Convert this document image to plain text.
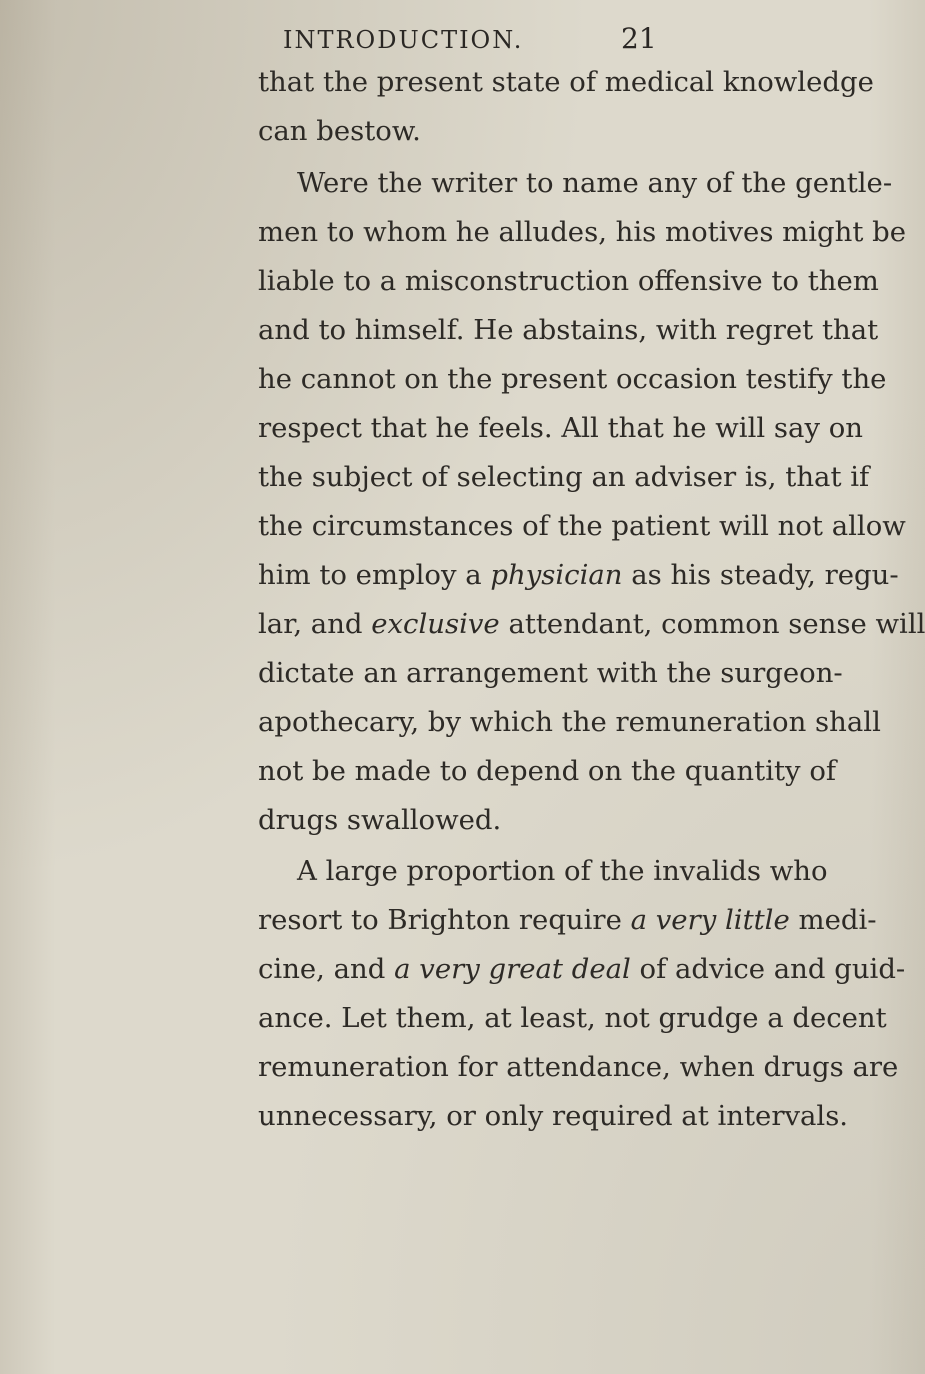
INTRODUCTION.	21
that the present state of medical knowledge
can bestow.
Were the writer to name any of the gentle-
men to whom he alludes, his motives might be
liable to a misconstruction offensive to them
and to himself. He abstains, with regret that
he cannot on the present occasion testify the
respect that he feels. All that he will say on
the subject of selecting an adviser is, that if
the circumstances of the patient will not allow
him to employ a physician as his steady, regu-
lar, and exclusive attendant, common sense will
dictate an arrangement with the surgeon-
apothecary, by which the remuneration shall
not be made to depend on the quantity of
drugs swallowed.
A large proportion of the invalids who
resort to Brighton require a very little medi-
cine, and a very great deal of advice and guid-
ance. Let them, at least, not grudge a decent
remuneration for attendance, when drugs are
unnecessary, or only required at intervals.
